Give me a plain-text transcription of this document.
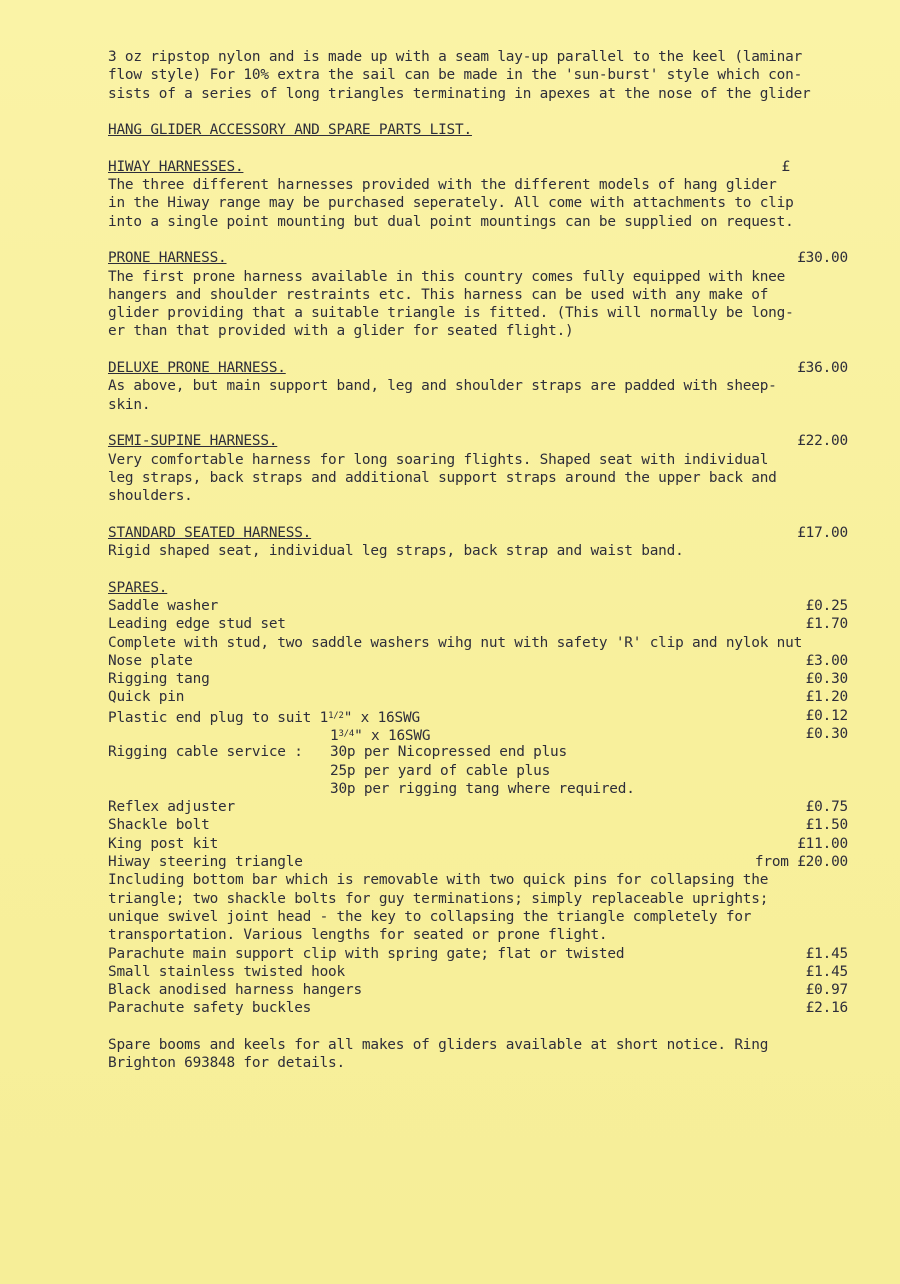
3 oz ripstop nylon and is made up with a seam lay-up parallel to the keel (laminar
flow style) For 10% extra the sail can be made in the 'sun-burst' style which con-
sists of a series of long triangles terminating in apexes at the nose of the glider
HANG GLIDER ACCESSORY AND SPARE PARTS LIST.
HIWAY HARNESSES.	£
The three different harnesses provided with the different models of hang glider
in the Hiway range may be purchased seperately. All come with attachments to clip
into a single point mounting but dual point mountings can be supplied on request.
PRONE HARNESS.	£30.00
The first prone harness available in this country comes fully equipped with knee
hangers and shoulder restraints etc. This harness can be used with any make of
glider providing that a suitable triangle is fitted. (This will normally be long-
er than that provided with a glider for seated flight.)
DELUXE PRONE HARNESS.	£36.00
As above, but main support band, leg and shoulder straps are padded with sheep-
skin.
SEMI-SUPINE HARNESS.	£22.00
Very comfortable harness for long soaring flights. Shaped seat with individual
leg straps, back straps and additional support straps around the upper back and
shoulders.
STANDARD SEATED HARNESS.	£17.00
Rigid shaped seat, individual leg straps, back strap and waist band.
SPARES.
Saddle washer	£0.25
Leading edge stud set	£1.70
Complete with stud, two saddle washers wihg nut with safety 'R' clip and nylok nut
Nose plate	£3.00
Rigging tang	£0.30
Quick pin	£1.20
Plastic end plug to suit $1^{1/2}$" x 16SWG	£0.12
$1^{3/4}$" x 16SWG	£0.30
Rigging cable service :	30p per Nicopressed end plus
25p per yard of cable plus
30p per rigging tang where required.
Reflex adjuster	£0.75
Shackle bolt	£1.50
King post kit	£11.00
Hiway steering triangle	from £20.00
Including bottom bar which is removable with two quick pins for collapsing the
triangle; two shackle bolts for guy terminations; simply replaceable uprights;
unique swivel joint head - the key to collapsing the triangle completely for
transportation. Various lengths for seated or prone flight.
Parachute main support clip with spring gate; flat or twisted	£1.45
Small stainless twisted hook	£1.45
Black anodised harness hangers	£0.97
Parachute safety buckles	£2.16
Spare booms and keels for all makes of gliders available at short notice. Ring
Brighton 693848 for details.
